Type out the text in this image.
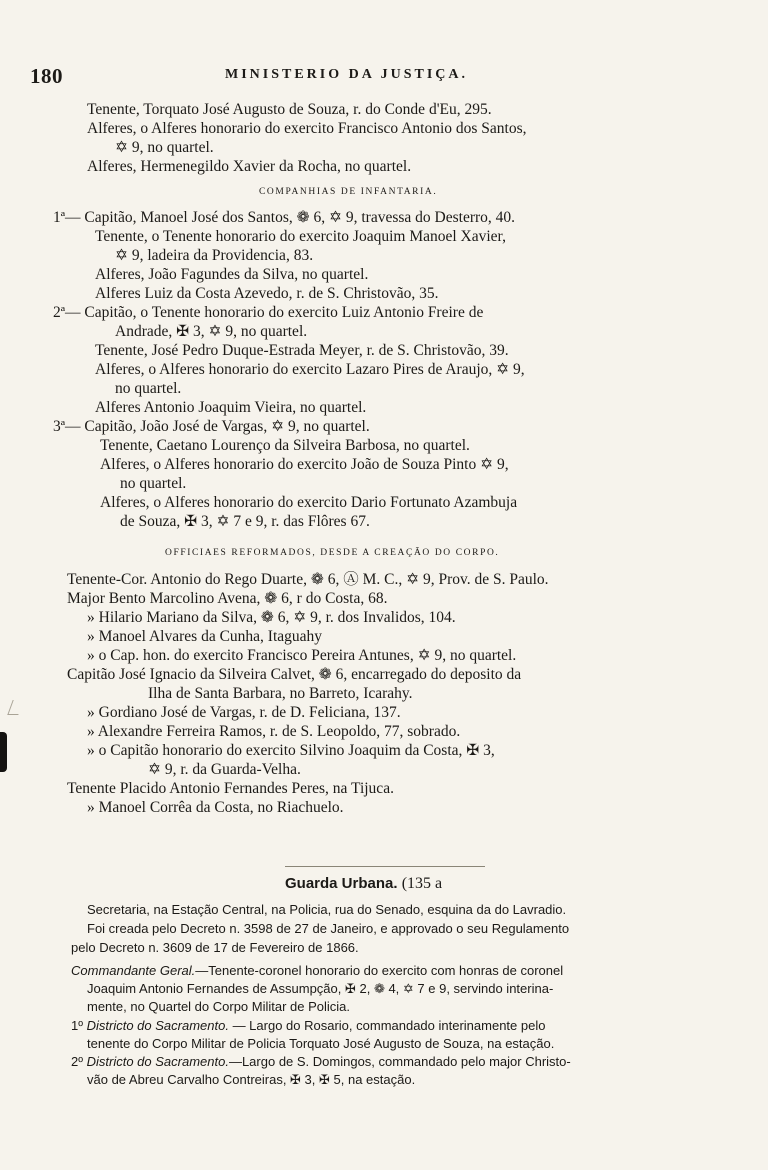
180	MINISTERIO DA JUSTIÇA.
Tenente, Torquato José Augusto de Souza, r. do Conde d'Eu, 295.
Alferes, o Alferes honorario do exercito Francisco Antonio dos Santos,
✡ 9, no quartel.
Alferes, Hermenegildo Xavier da Rocha, no quartel.
COMPANHIAS DE INFANTARIA.
1ª— Capitão, Manoel José dos Santos, ❁ 6, ✡ 9, travessa do Desterro, 40.
Tenente, o Tenente honorario do exercito Joaquim Manoel Xavier,
✡ 9, ladeira da Providencia, 83.
Alferes, João Fagundes da Silva, no quartel.
Alferes Luiz da Costa Azevedo, r. de S. Christovão, 35.
2ª— Capitão, o Tenente honorario do exercito Luiz Antonio Freire de
Andrade, ✠ 3, ✡ 9, no quartel.
Tenente, José Pedro Duque-Estrada Meyer, r. de S. Christovão, 39.
Alferes, o Alferes honorario do exercito Lazaro Pires de Araujo, ✡ 9,
no quartel.
Alferes Antonio Joaquim Vieira, no quartel.
3ª— Capitão, João José de Vargas, ✡ 9, no quartel.
Tenente, Caetano Lourenço da Silveira Barbosa, no quartel.
Alferes, o Alferes honorario do exercito João de Souza Pinto ✡ 9,
no quartel.
Alferes, o Alferes honorario do exercito Dario Fortunato Azambuja
de Souza, ✠ 3, ✡ 7 e 9, r. das Flôres 67.
OFFICIAES REFORMADOS, DESDE A CREAÇÃO DO CORPO.
Tenente-Cor. Antonio do Rego Duarte, ❁ 6, Ⓐ M. C., ✡ 9, Prov. de S. Paulo.
Major Bento Marcolino Avena, ❁ 6, r do Costa, 68.
» Hilario Mariano da Silva, ❁ 6, ✡ 9, r. dos Invalidos, 104.
» Manoel Alvares da Cunha, Itaguahy
» o Cap. hon. do exercito Francisco Pereira Antunes, ✡ 9, no quartel.
Capitão José Ignacio da Silveira Calvet, ❁ 6, encarregado do deposito da
Ilha de Santa Barbara, no Barreto, Icarahy.
» Gordiano José de Vargas, r. de D. Feliciana, 137.
» Alexandre Ferreira Ramos, r. de S. Leopoldo, 77, sobrado.
» o Capitão honorario do exercito Silvino Joaquim da Costa, ✠ 3,
✡ 9, r. da Guarda-Velha.
Tenente Placido Antonio Fernandes Peres, na Tijuca.
» Manoel Corrêa da Costa, no Riachuelo.
Guarda Urbana. (135 a
Secretaria, na Estação Central, na Policia, rua do Senado, esquina da do Lavradio.
Foi creada pelo Decreto n. 3598 de 27 de Janeiro, e approvado o seu Regulamento
pelo Decreto n. 3609 de 17 de Fevereiro de 1866.
Commandante Geral.—Tenente-coronel honorario do exercito com honras de coronel
Joaquim Antonio Fernandes de Assumpção, ✠ 2, ❁ 4, ✡ 7 e 9, servindo interina-
mente, no Quartel do Corpo Militar de Policia.
1º Districto do Sacramento. — Largo do Rosario, commandado interinamente pelo
tenente do Corpo Militar de Policia Torquato José Augusto de Souza, na estação.
2º Districto do Sacramento.—Largo de S. Domingos, commandado pelo major Christo-
vão de Abreu Carvalho Contreiras, ✠ 3, ✠ 5, na estação.
